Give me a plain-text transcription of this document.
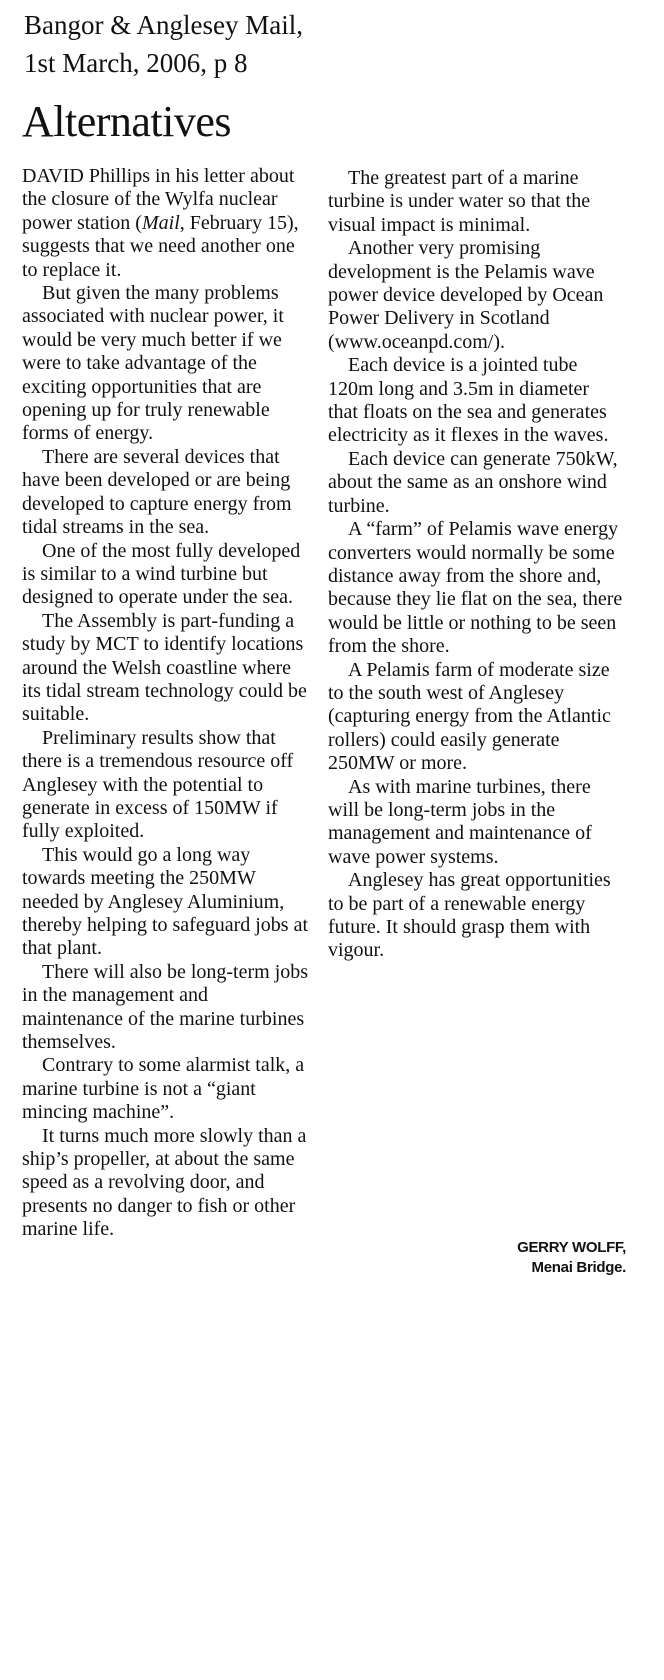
Bangor & Anglesey Mail,
1st March, 2006, p 8
Alternatives

DAVID Phillips in his letter about the closure of the Wylfa nuclear power station (Mail, February 15), suggests that we need another one to replace it.

But given the many problems associated with nuclear power, it would be very much better if we were to take advantage of the exciting opportunities that are opening up for truly renewable forms of energy.

There are several devices that have been developed or are being developed to capture energy from tidal streams in the sea.

One of the most fully developed is similar to a wind turbine but designed to operate under the sea.

The Assembly is part-funding a study by MCT to identify locations around the Welsh coastline where its tidal stream technology could be suitable.

Preliminary results show that there is a tremendous resource off Anglesey with the potential to generate in excess of 150MW if fully exploited.

This would go a long way towards meeting the 250MW needed by Anglesey Aluminium, thereby helping to safeguard jobs at that plant.

There will also be long-term jobs in the management and maintenance of the marine turbines themselves.

Contrary to some alarmist talk, a marine turbine is not a “giant mincing machine”.

It turns much more slowly than a ship’s propeller, at about the same speed as a revolving door, and presents no danger to fish or other marine life.

The greatest part of a marine turbine is under water so that the visual impact is minimal.

Another very promising development is the Pelamis wave power device developed by Ocean Power Delivery in Scotland (www.oceanpd.com/).

Each device is a jointed tube 120m long and 3.5m in diameter that floats on the sea and generates electricity as it flexes in the waves.

Each device can generate 750kW, about the same as an onshore wind turbine.

A “farm” of Pelamis wave energy converters would normally be some distance away from the shore and, because they lie flat on the sea, there would be little or nothing to be seen from the shore.

A Pelamis farm of moderate size to the south west of Anglesey (capturing energy from the Atlantic rollers) could easily generate 250MW or more.

As with marine turbines, there will be long-term jobs in the management and maintenance of wave power systems.

Anglesey has great opportunities to be part of a renewable energy future. It should grasp them with vigour.

GERRY WOLFF,
Menai Bridge.
